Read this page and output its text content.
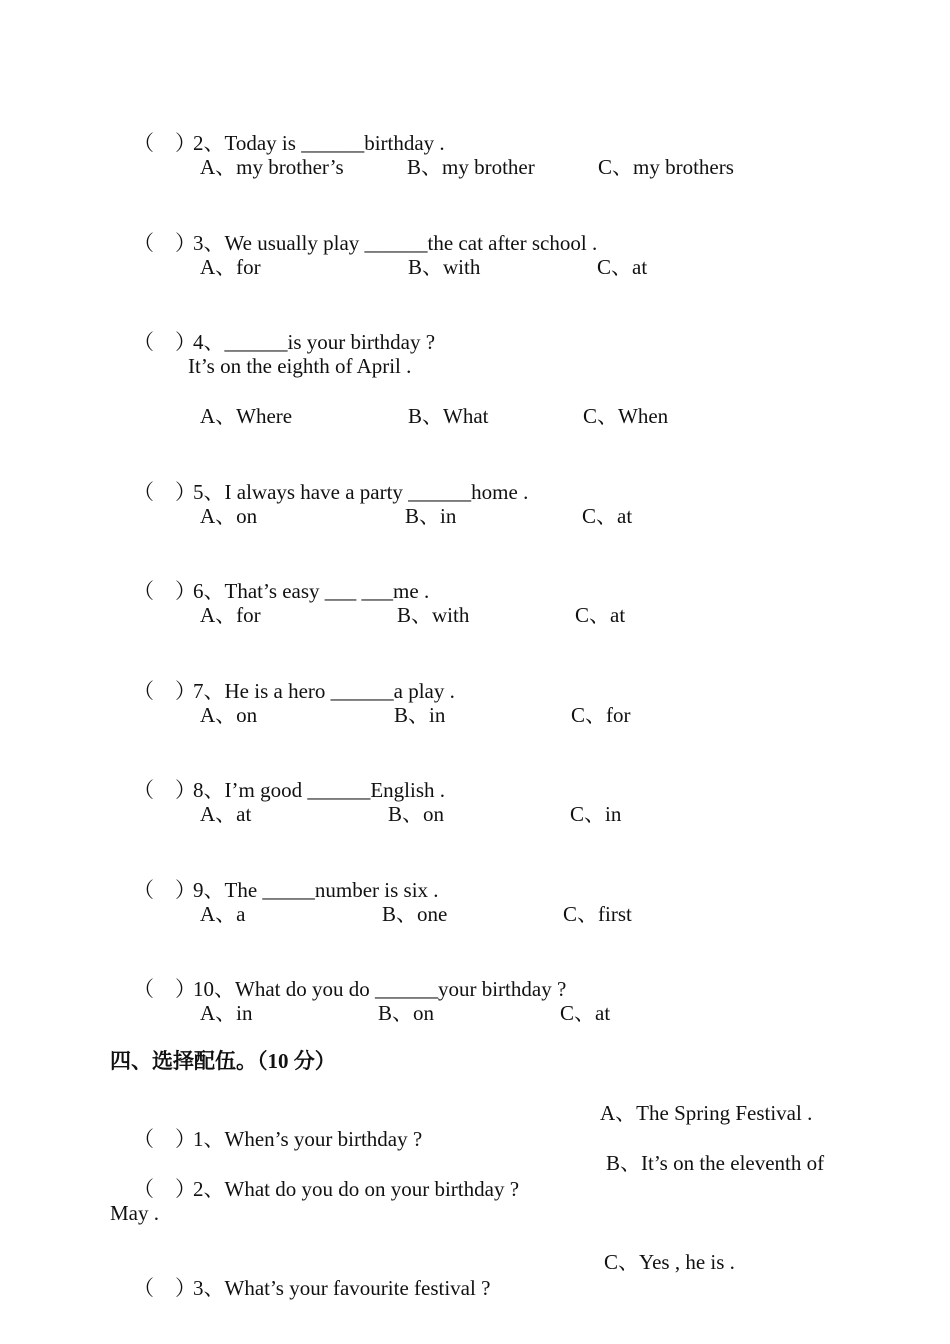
（    ）2、Today is ______birthday .

A、my brother’s	B、my brother	C、my brothers

（    ）3、We usually play ______the cat after school .

A、for	B、with	C、at

（    ）4、______is your birthday ?

It’s on the eighth of April .
A、Where	B、What	C、When

（    ）5、I always have a party ______home .

A、on	B、in	C、at

（    ）6、That’s easy ___ ___me .

A、for	B、with	C、at

（    ）7、He is a hero ______a play .

A、on	B、in	C、for

（    ）8、I’m good ______English .

A、at	B、on	C、in

（    ）9、The _____number is six .

A、a	B、one	C、first

（    ）10、What do you do ______your birthday ?

A、in	B、on	C、at
四、选择配伍。（10 分）

（    ）1、When’s your birthday ?

A、The Spring Festival .

（    ）2、What do you do on your birthday ?

B、It’s on the eleventh of
May .

（    ）3、What’s your favourite festival ?

C、Yes , he is .
